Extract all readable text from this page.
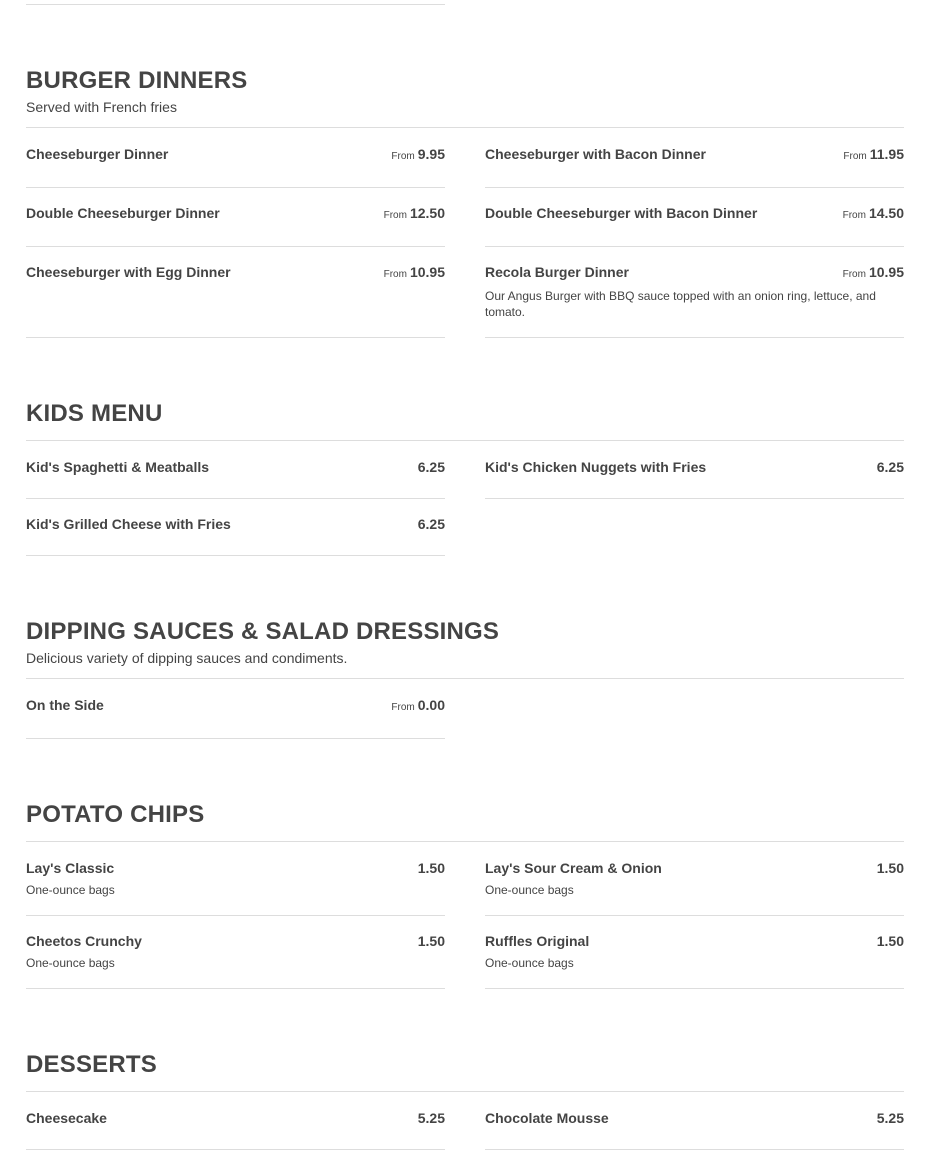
BURGER DINNERS
Served with French fries
Cheeseburger Dinner	From 9.95	Cheeseburger with Bacon Dinner	From 11.95
Double Cheeseburger Dinner	From 12.50	Double Cheeseburger with Bacon Dinner	From 14.50
Cheeseburger with Egg Dinner	From 10.95	Recola Burger Dinner	From 10.95
Our Angus Burger with BBQ sauce topped with an onion ring, lettuce, and tomato.
KIDS MENU
Kid's Spaghetti & Meatballs	6.25	Kid's Chicken Nuggets with Fries	6.25
Kid's Grilled Cheese with Fries	6.25
DIPPING SAUCES & SALAD DRESSINGS
Delicious variety of dipping sauces and condiments.
On the Side	From 0.00
POTATO CHIPS
Lay's Classic	1.50
One-ounce bags
Lay's Sour Cream & Onion	1.50
One-ounce bags
Cheetos Crunchy	1.50
One-ounce bags
Ruffles Original	1.50
One-ounce bags
DESSERTS
Cheesecake	5.25	Chocolate Mousse	5.25
